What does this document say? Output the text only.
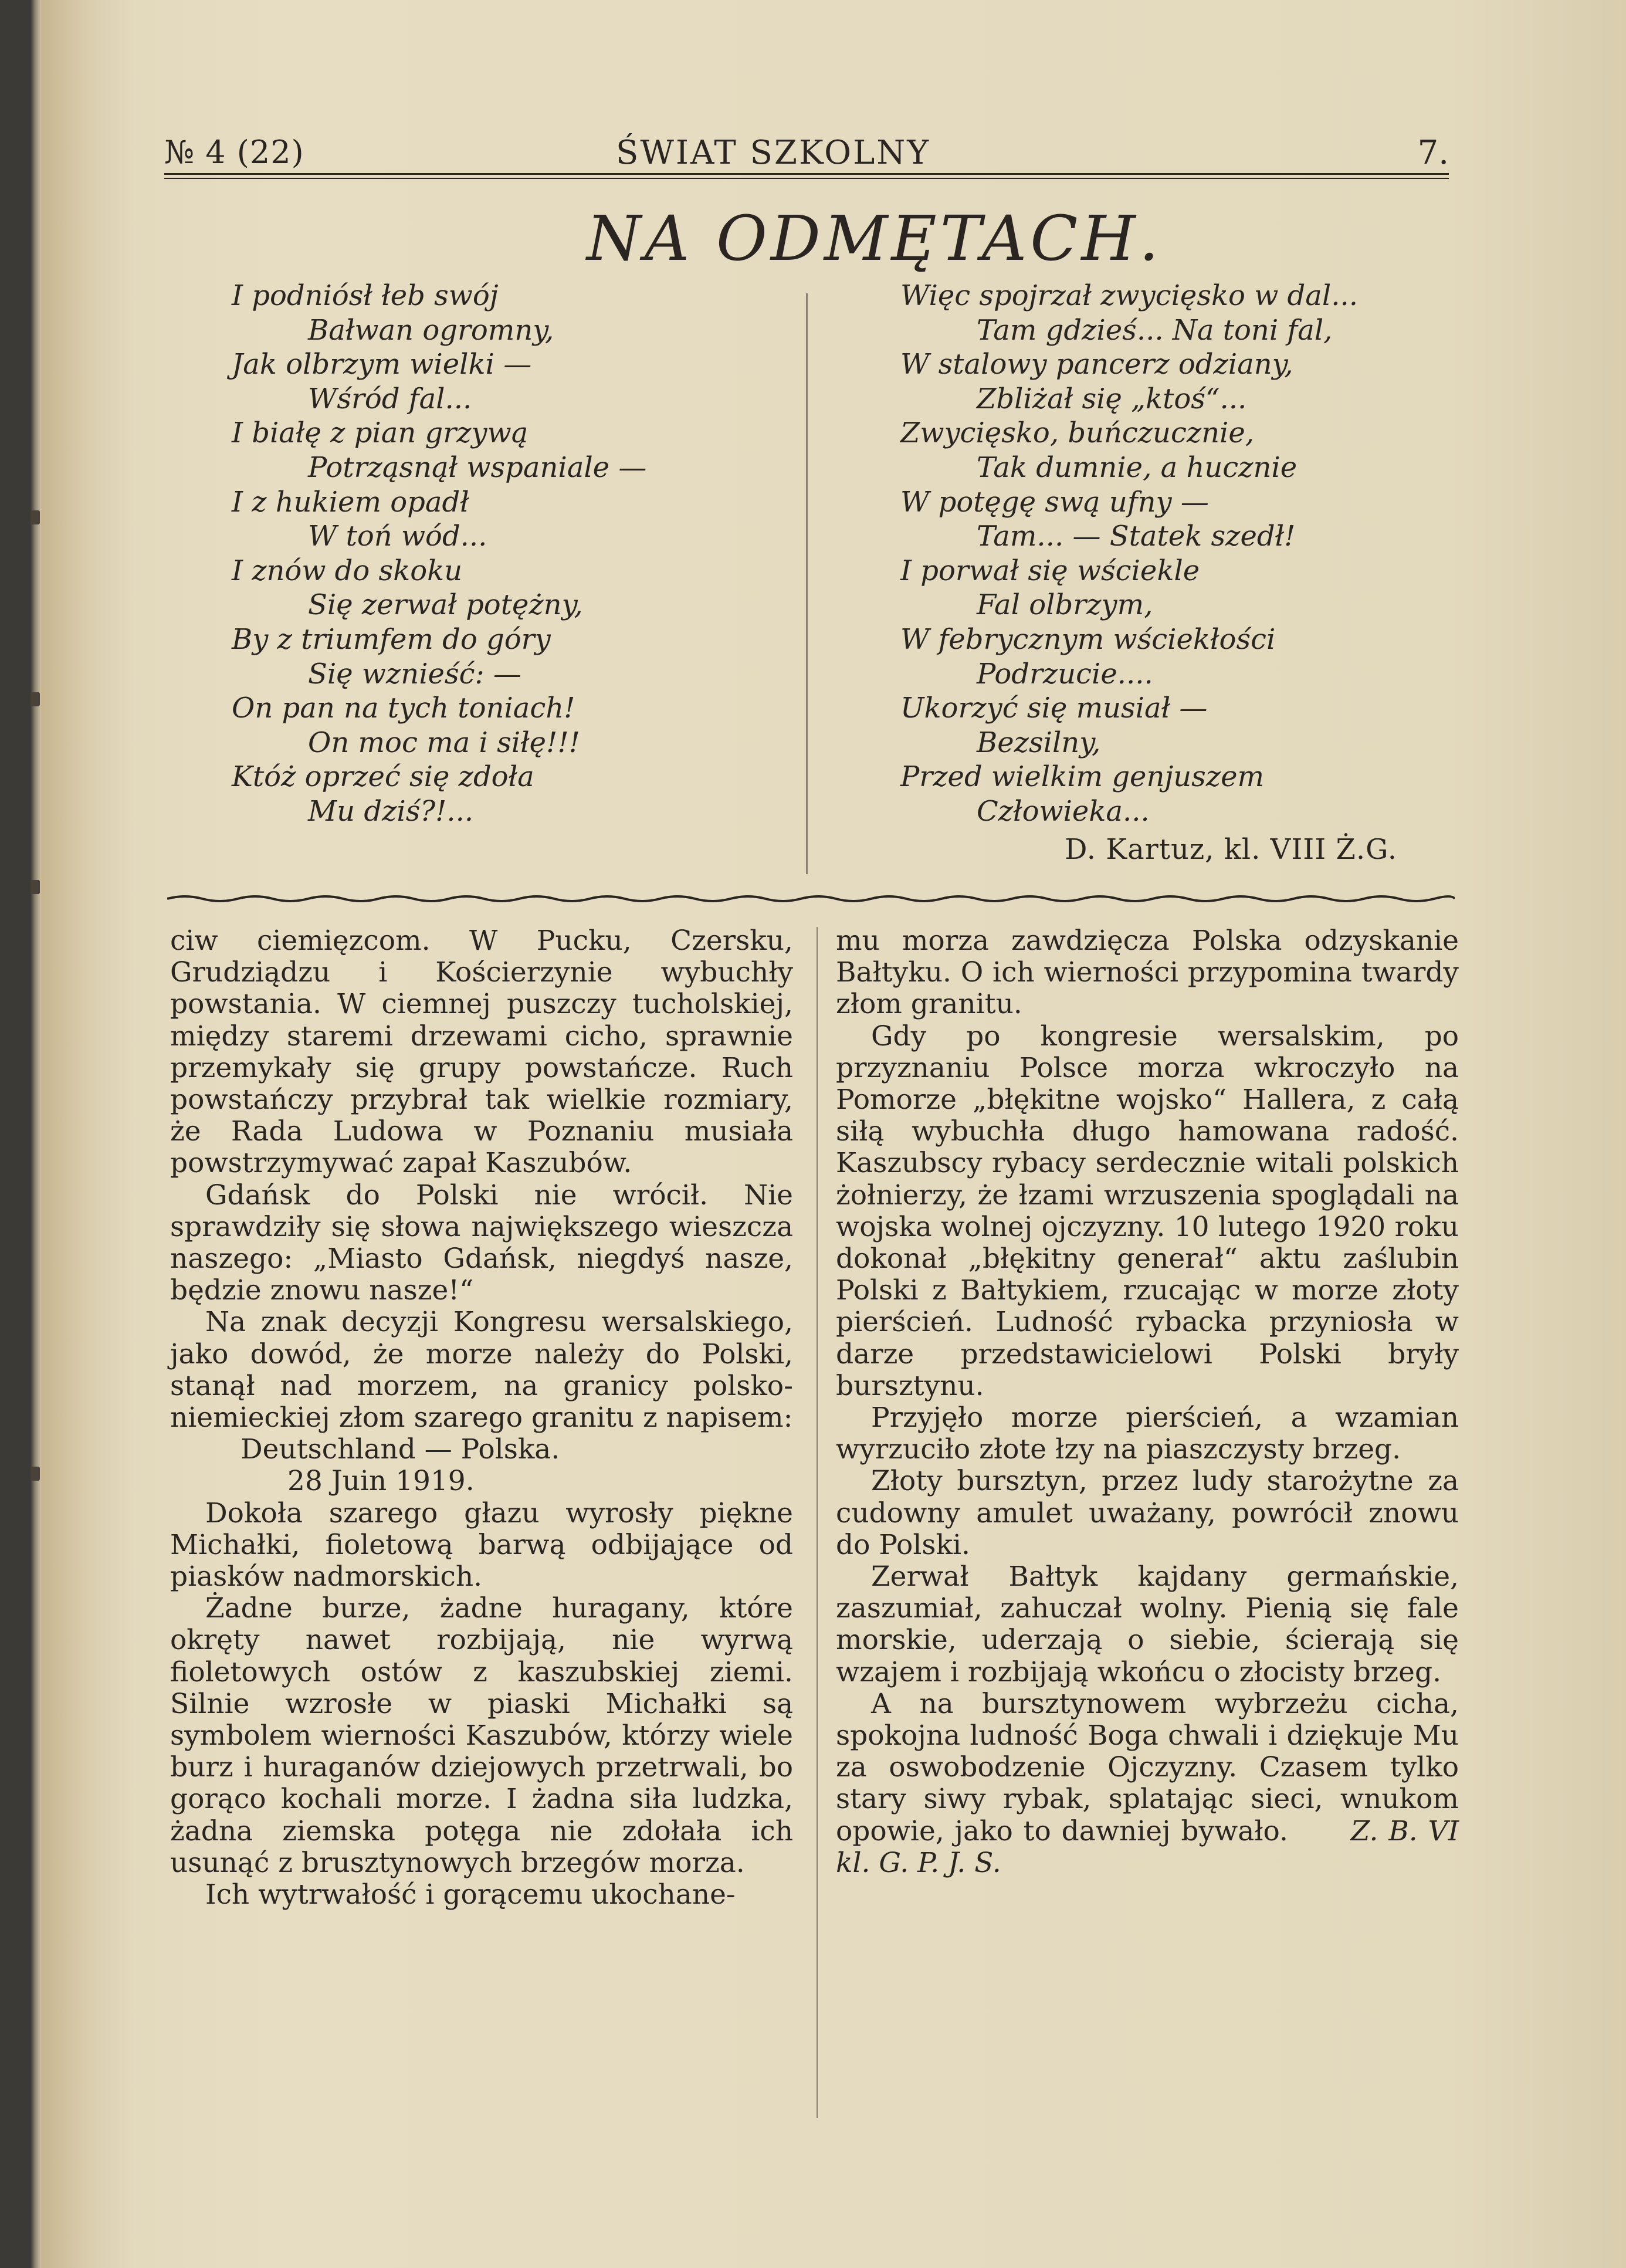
№ 4 (22)	ŚWIAT SZKOLNY	7.
NA ODMĘTACH.
I podniósł łeb swój
Bałwan ogromny,
Jak olbrzym wielki —
Wśród fal...
I białę z pian grzywą
Potrząsnął wspaniale —
I z hukiem opadł
W toń wód...
I znów do skoku
Się zerwał potężny,
By z triumfem do góry
Się wznieść: —
On pan na tych toniach!
On moc ma i siłę!!!
Któż oprzeć się zdoła
Mu dziś?!...
Więc spojrzał zwycięsko w dal...
Tam gdzieś... Na toni fal,
W stalowy pancerz odziany,
Zbliżał się „ktoś“...
Zwycięsko, buńczucznie,
Tak dumnie, a hucznie
W potęgę swą ufny —
Tam... — Statek szedł!
I porwał się wściekle
Fal olbrzym,
W febrycznym wściekłości
Podrzucie....
Ukorzyć się musiał —
Bezsilny,
Przed wielkim genjuszem
Człowieka...
D. Kartuz, kl. VIII Ż.G.

ciw ciemięzcom. W Pucku, Czersku, Grudziądzu i Kościerzynie wybuchły powstania. W ciemnej puszczy tucholskiej, między staremi drzewami cicho, sprawnie przemykały się grupy powstańcze. Ruch powstańczy przybrał tak wielkie rozmiary, że Rada Ludowa w Poznaniu musiała powstrzymywać zapał Kaszubów.

Gdańsk do Polski nie wrócił. Nie sprawdziły się słowa największego wieszcza naszego: „Miasto Gdańsk, niegdyś nasze, będzie znowu nasze!“

Na znak decyzji Kongresu wersalskiego, jako dowód, że morze należy do Polski, stanął nad morzem, na granicy polsko-niemieckiej złom szarego granitu z napisem:

Deutschland — Polska.

28 Juin 1919.

Dokoła szarego głazu wyrosły piękne Michałki, fioletową barwą odbijające od piasków nadmorskich.

Żadne burze, żadne huragany, które okręty nawet rozbijają, nie wyrwą fioletowych ostów z kaszubskiej ziemi. Silnie wzrosłe w piaski Michałki są symbolem wierności Kaszubów, którzy wiele burz i huraganów dziejowych przetrwali, bo gorąco kochali morze. I żadna siła ludzka, żadna ziemska potęga nie zdołała ich usunąć z brusztynowych brzegów morza.

Ich wytrwałość i gorącemu ukochane-

mu morza zawdzięcza Polska odzyskanie Bałtyku. O ich wierności przypomina twardy złom granitu.

Gdy po kongresie wersalskim, po przyznaniu Polsce morza wkroczyło na Pomorze „błękitne wojsko“ Hallera, z całą siłą wybuchła długo hamowana radość. Kaszubscy rybacy serdecznie witali polskich żołnierzy, że łzami wrzuszenia spoglądali na wojska wolnej ojczyzny. 10 lutego 1920 roku dokonał „błękitny generał“ aktu zaślubin Polski z Bałtykiem, rzucając w morze złoty pierścień. Ludność rybacka przyniosła w darze przedstawicielowi Polski bryły bursztynu.

Przyjęło morze pierścień, a wzamian wyrzuciło złote łzy na piaszczysty brzeg.

Złoty bursztyn, przez ludy starożytne za cudowny amulet uważany, powrócił znowu do Polski.

Zerwał Bałtyk kajdany germańskie, zaszumiał, zahuczał wolny. Pienią się fale morskie, uderzają o siebie, ścierają się wzajem i rozbijają wkońcu o złocisty brzeg.

A na bursztynowem wybrzeżu cicha, spokojna ludność Boga chwali i dziękuje Mu za oswobodzenie Ojczyzny. Czasem tylko stary siwy rybak, splatając sieci, wnukom opowie, jako to dawniej bywało. Z. B. VI kl. G. P. J. S.
